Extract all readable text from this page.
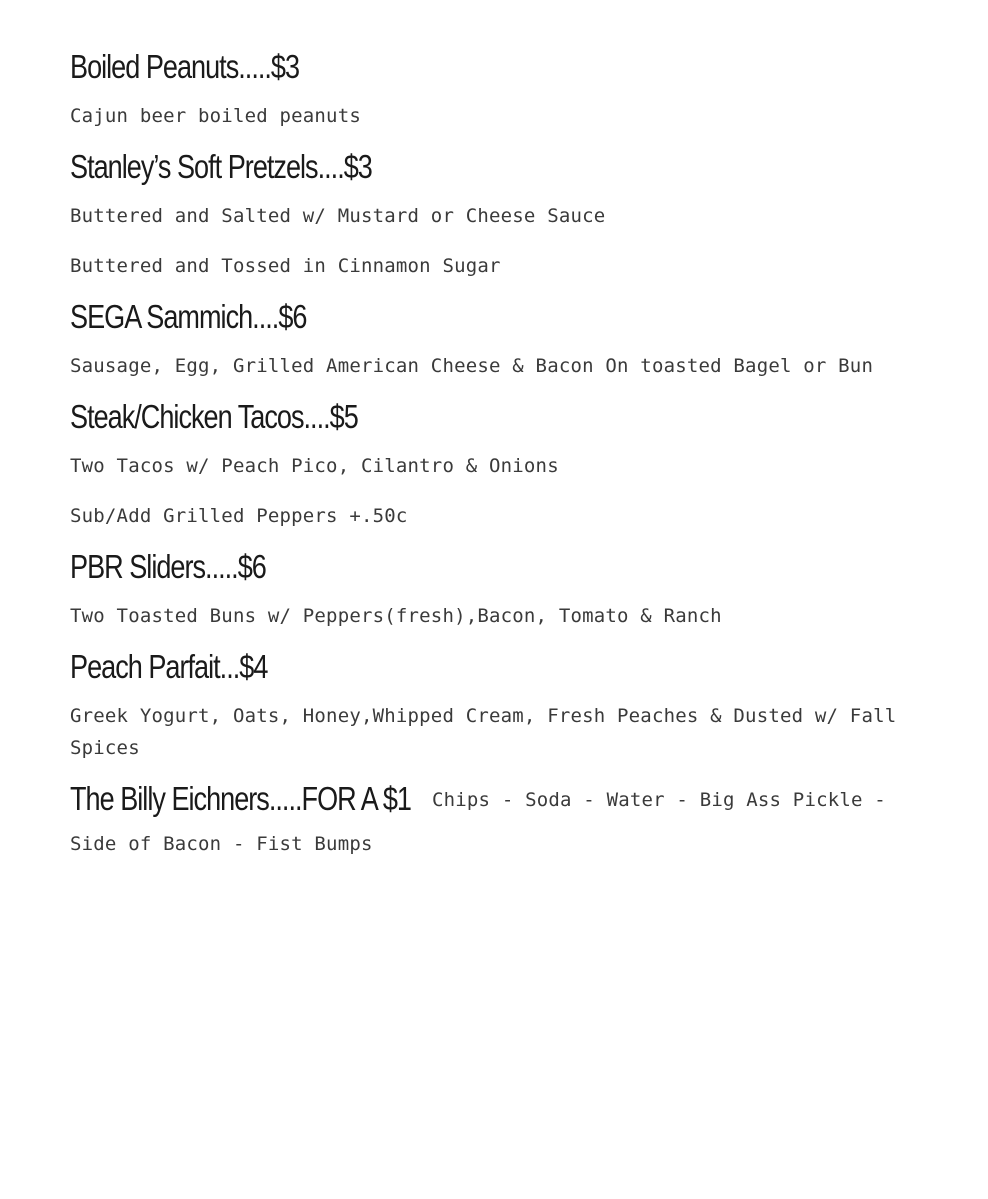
Boiled Peanuts.....$3

Cajun beer boiled peanuts

Stanley’s Soft Pretzels....$3

Buttered and Salted w/ Mustard or Cheese Sauce

Buttered and Tossed in Cinnamon Sugar

SEGA Sammich....$6

Sausage, Egg, Grilled American Cheese & Bacon On toasted Bagel or Bun

Steak/Chicken Tacos....$5

Two Tacos w/ Peach Pico, Cilantro & Onions

Sub/Add Grilled Peppers +.50c

PBR Sliders.....$6

Two Toasted Buns w/ Peppers(fresh),Bacon, Tomato & Ranch

Peach Parfait...$4

Greek Yogurt, Oats, Honey,Whipped Cream, Fresh Peaches & Dusted w/ Fall Spices

The Billy Eichners.....FOR A $1 Chips - Soda - Water - Big Ass Pickle -

Side of Bacon - Fist Bumps
